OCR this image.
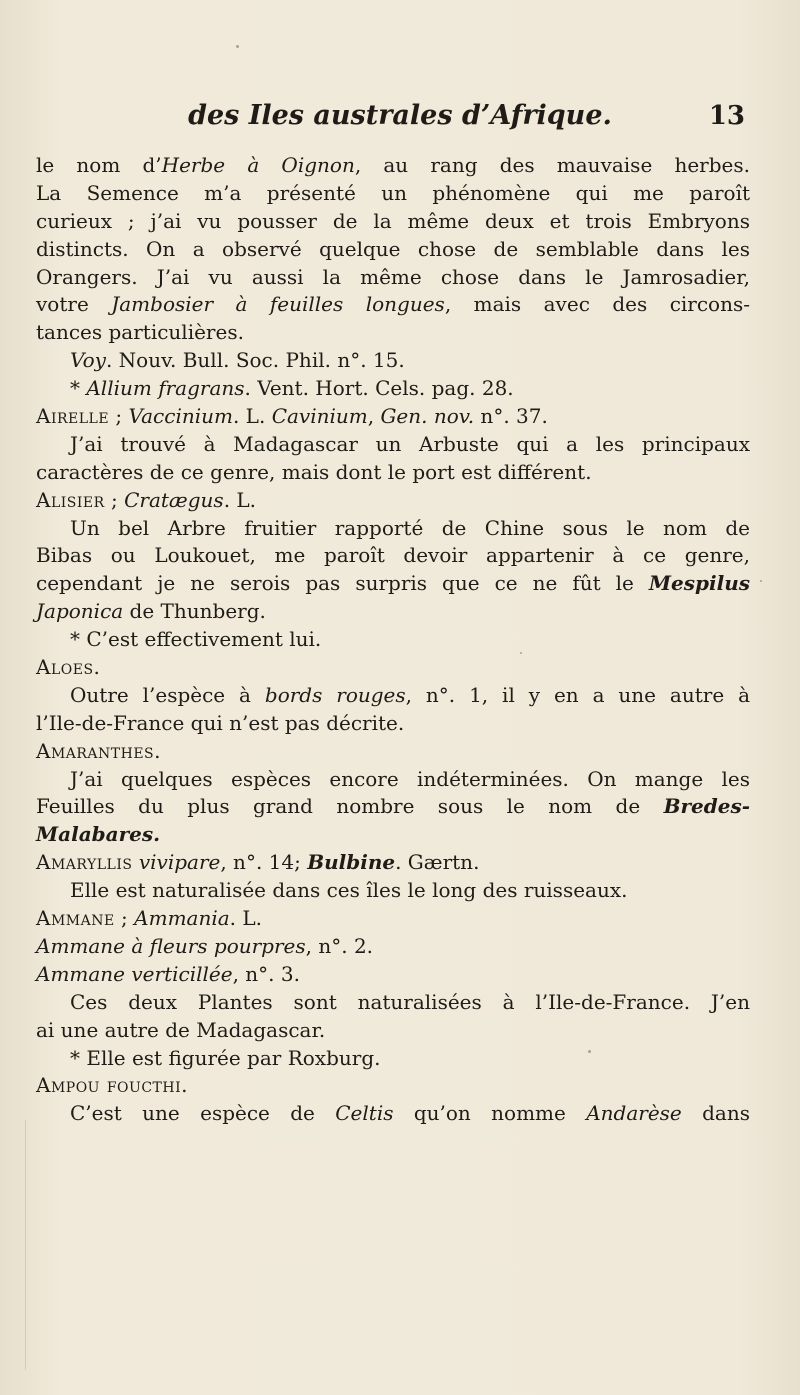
des Iles australes d’Afrique.	13
le nom d’Herbe à Oignon, au rang des mauvaise herbes.
La Semence m’a présenté un phénomène qui me paroît
curieux ; j’ai vu pousser de la même deux et trois Embryons
distincts. On a observé quelque chose de semblable dans les
Orangers. J’ai vu aussi la même chose dans le Jamrosadier,
votre Jambosier à feuilles longues, mais avec des circons-
tances particulières.
Voy. Nouv. Bull. Soc. Phil. n°. 15.
* Allium fragrans. Vent. Hort. Cels. pag. 28.
Airelle ; Vaccinium. L. Cavinium, Gen. nov. n°. 37.
J’ai trouvé à Madagascar un Arbuste qui a les principaux
caractères de ce genre, mais dont le port est différent.
Alisier ; Cratægus. L.
Un bel Arbre fruitier rapporté de Chine sous le nom de
Bibas ou Loukouet, me paroît devoir appartenir à ce genre,
cependant je ne serois pas surpris que ce ne fût le Mespilus
Japonica de Thunberg.
* C’est effectivement lui.
Aloes.
Outre l’espèce à bords rouges, n°. 1, il y en a une autre à
l’Ile-de-France qui n’est pas décrite.
Amaranthes.
J’ai quelques espèces encore indéterminées. On mange les
Feuilles du plus grand nombre sous le nom de Bredes-
Malabares.
Amaryllis vivipare, n°. 14; Bulbine. Gærtn.
Elle est naturalisée dans ces îles le long des ruisseaux.
Ammane ; Ammania. L.
Ammane à fleurs pourpres, n°. 2.
Ammane verticillée, n°. 3.
Ces deux Plantes sont naturalisées à l’Ile-de-France. J’en
ai une autre de Madagascar.
* Elle est figurée par Roxburg.
Ampou foucthi.
C’est une espèce de Celtis qu’on nomme Andarèse dans
